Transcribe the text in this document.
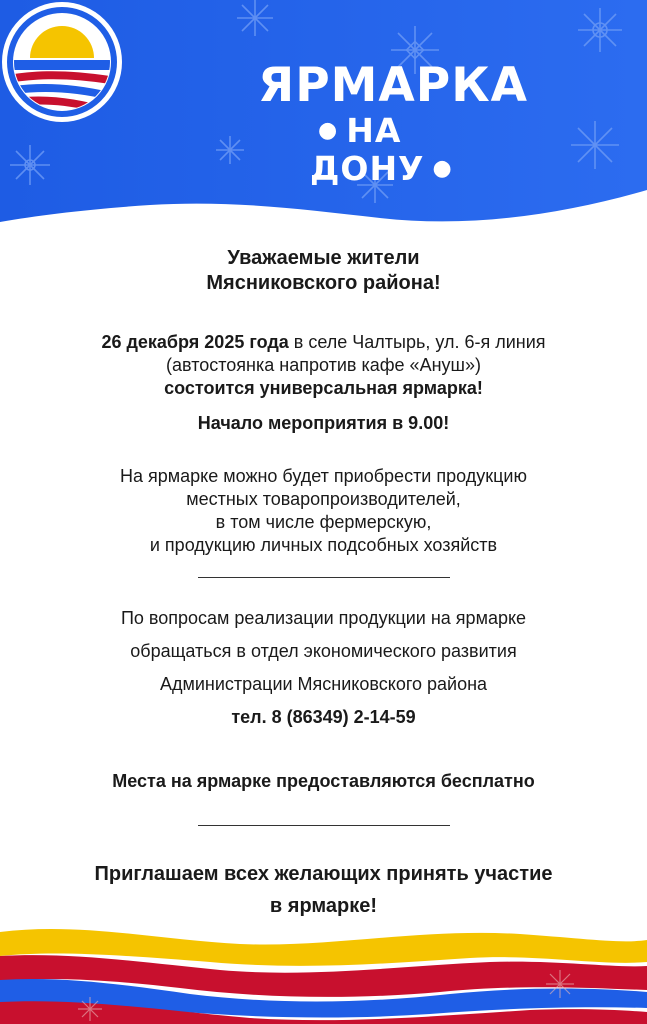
ЯРМАРКА
● НА ДОНУ ●
Уважаемые жители
Мясниковского района!
26 декабря 2025 года в селе Чалтырь, ул. 6-я линия
(автостоянка напротив кафе «Ануш»)
состоится универсальная ярмарка!
Начало мероприятия в 9.00!
На ярмарке можно будет приобрести продукцию
местных товаропроизводителей,
в том числе фермерскую,
и продукцию личных подсобных хозяйств
По вопросам реализации продукции на ярмарке
обращаться в отдел экономического развития
Администрации Мясниковского района
тел. 8 (86349) 2-14-59
Места на ярмарке предоставляются бесплатно
Приглашаем всех желающих принять участие
в ярмарке!
